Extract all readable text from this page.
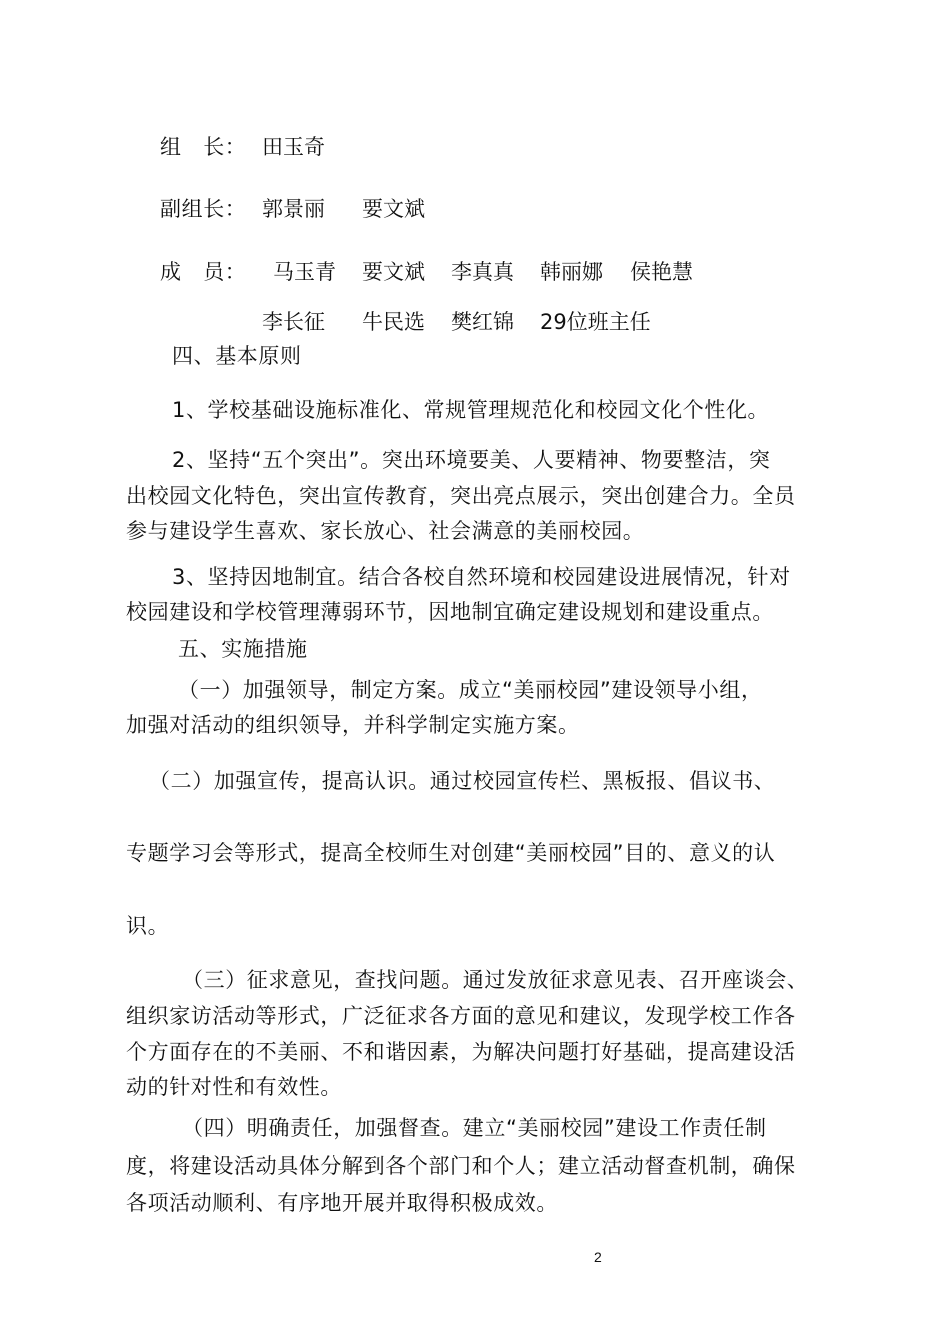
组　长： 田玉奇
副组长： 郭景丽 要文斌
成　员： 马玉青 要文斌 李真真 韩丽娜 侯艳慧
李长征 牛民选 樊红锦 29位班主任
四、基本原则
1、学校基础设施标准化、常规管理规范化和校园文化个性化。
2、坚持“五个突出”。突出环境要美、人要精神、物要整洁，突
出校园文化特色，突出宣传教育，突出亮点展示，突出创建合力。全员
参与建设学生喜欢、家长放心、社会满意的美丽校园。
3、坚持因地制宜。结合各校自然环境和校园建设进展情况，针对
校园建设和学校管理薄弱环节，因地制宜确定建设规划和建设重点。
五、实施措施
（一）加强领导，制定方案。成立“美丽校园”建设领导小组，
加强对活动的组织领导，并科学制定实施方案。
（二）加强宣传，提高认识。通过校园宣传栏、黑板报、倡议书、
专题学习会等形式，提高全校师生对创建“美丽校园”目的、意义的认
识。
（三）征求意见，查找问题。通过发放征求意见表、召开座谈会、
组织家访活动等形式，广泛征求各方面的意见和建议，发现学校工作各
个方面存在的不美丽、不和谐因素，为解决问题打好基础，提高建设活
动的针对性和有效性。
（四）明确责任，加强督查。建立“美丽校园”建设工作责任制
度，将建设活动具体分解到各个部门和个人；建立活动督查机制，确保
各项活动顺利、有序地开展并取得积极成效。
2
